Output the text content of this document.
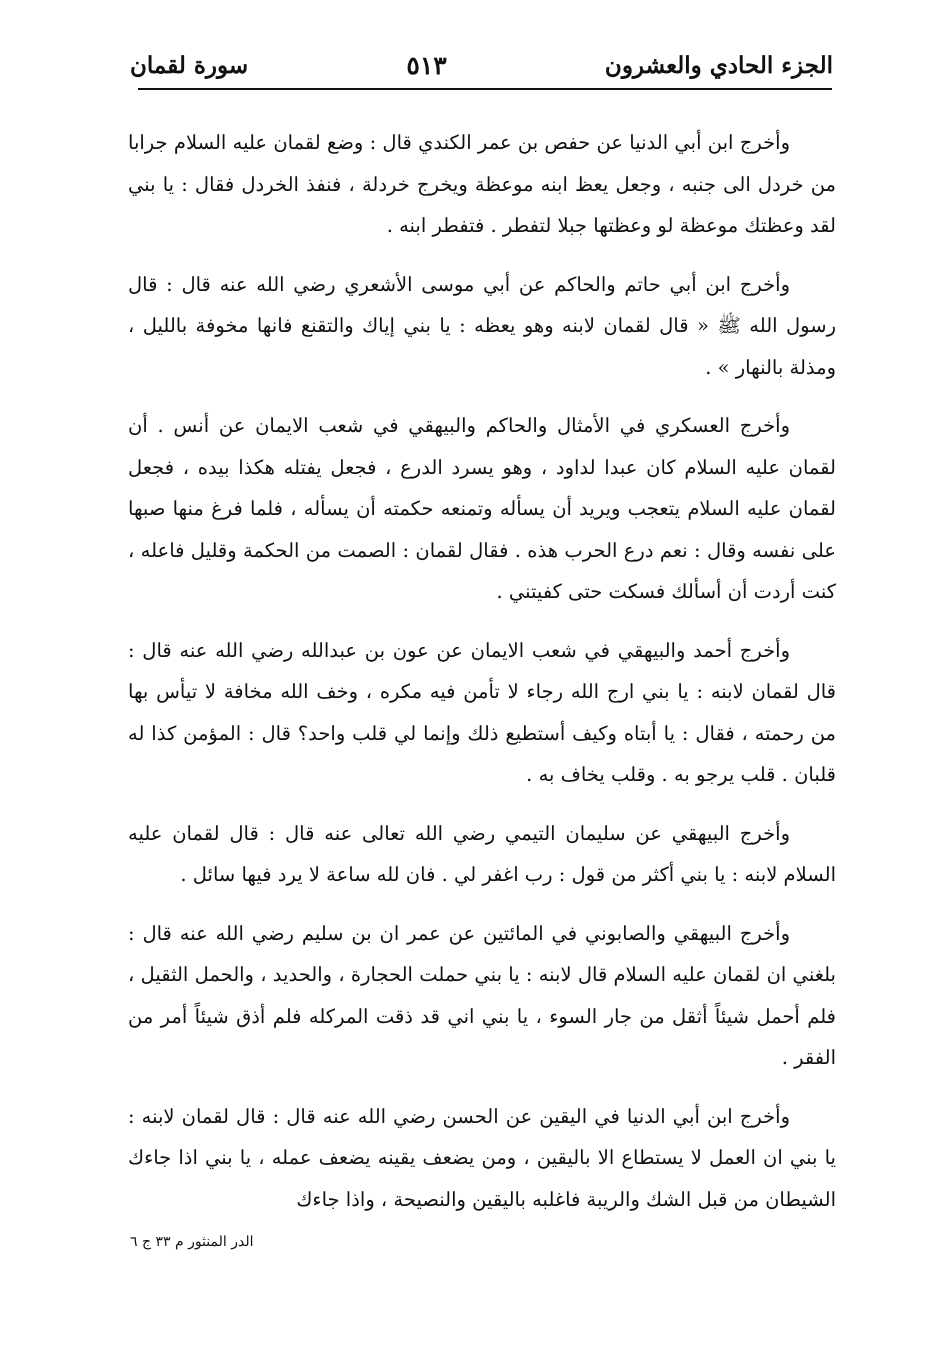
الجزء الحادي والعشرون
٥١٣
سورة لقمان

وأخرج ابن أبي الدنيا عن حفص بن عمر الكندي قال : وضع لقمان عليه السلام جرابا من خردل الى جنبه ، وجعل يعظ ابنه موعظة ويخرج خردلة ، فنفذ الخردل فقال : يا بني لقد وعظتك موعظة لو وعظتها جبلا لتفطر . فتفطر ابنه .

وأخرج ابن أبي حاتم والحاكم عن أبي موسى الأشعري رضي الله عنه قال : قال رسول الله ﷺ « قال لقمان لابنه وهو يعظه : يا بني إياك والتقنع فانها مخوفة بالليل ، ومذلة بالنهار » .

وأخرج العسكري في الأمثال والحاكم والبيهقي في شعب الايمان عن أنس . أن لقمان عليه السلام كان عبدا لداود ، وهو يسرد الدرع ، فجعل يفتله هكذا بيده ، فجعل لقمان عليه السلام يتعجب ويريد أن يسأله وتمنعه حكمته أن يسأله ، فلما فرغ منها صبها على نفسه وقال : نعم درع الحرب هذه . فقال لقمان : الصمت من الحكمة وقليل فاعله ، كنت أردت أن أسألك فسكت حتى كفيتني .

وأخرج أحمد والبيهقي في شعب الايمان عن عون بن عبدالله رضي الله عنه قال : قال لقمان لابنه : يا بني ارج الله رجاء لا تأمن فيه مكره ، وخف الله مخافة لا تيأس بها من رحمته ، فقال : يا أبتاه وكيف أستطيع ذلك وإنما لي قلب واحد؟ قال : المؤمن كذا له قلبان . قلب يرجو به . وقلب يخاف به .

وأخرج البيهقي عن سليمان التيمي رضي الله تعالى عنه قال : قال لقمان عليه السلام لابنه : يا بني أكثر من قول : رب اغفر لي . فان لله ساعة لا يرد فيها سائل .

وأخرج البيهقي والصابوني في المائتين عن عمر ان بن سليم رضي الله عنه قال : بلغني ان لقمان عليه السلام قال لابنه : يا بني حملت الحجارة ، والحديد ، والحمل الثقيل ، فلم أحمل شيئاً أثقل من جار السوء ، يا بني اني قد ذقت المركله فلم أذق شيئاً أمر من الفقر .

وأخرج ابن أبي الدنيا في اليقين عن الحسن رضي الله عنه قال : قال لقمان لابنه : يا بني ان العمل لا يستطاع الا باليقين ، ومن يضعف يقينه يضعف عمله ، يا بني اذا جاءك الشيطان من قبل الشك والريبة فاغلبه باليقين والنصيحة ، واذا جاءك

الدر المنثور م ٣٣ ج ٦
